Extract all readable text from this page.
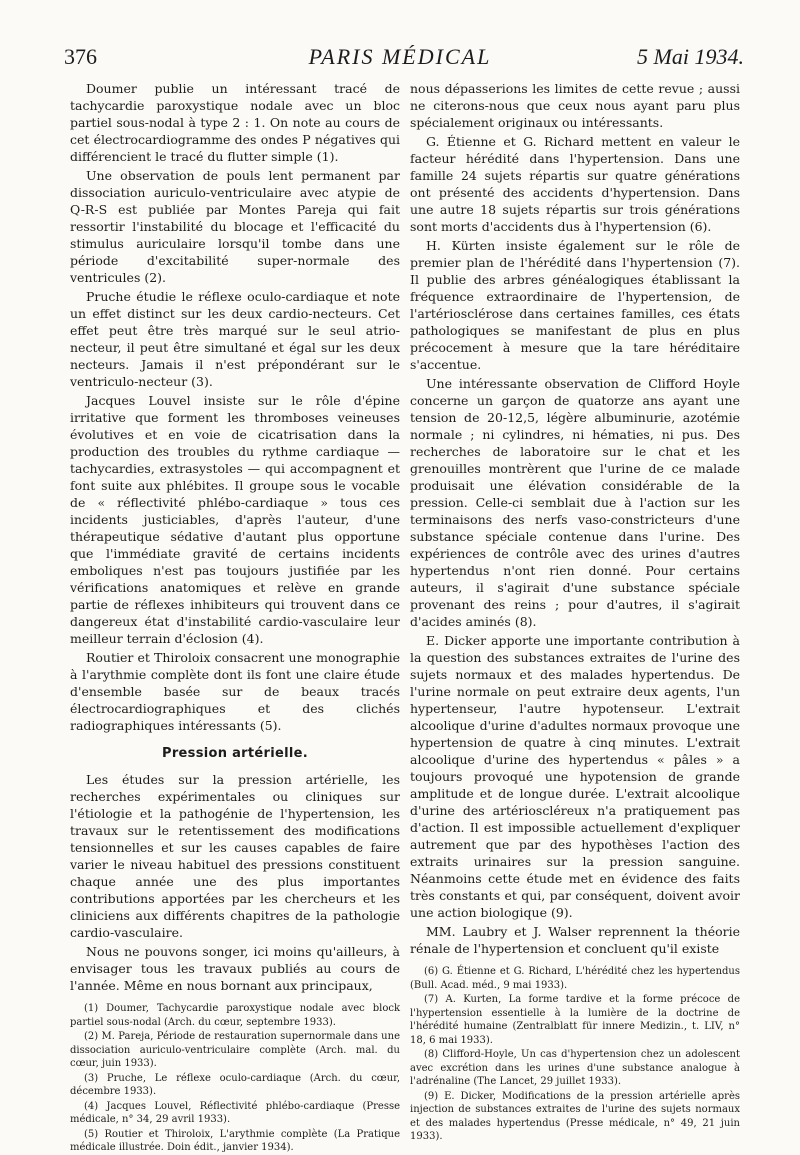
376	PARIS MÉDICAL	5 Mai 1934.

Doumer publie un intéressant tracé de tachycardie paroxystique nodale avec un bloc partiel sous-nodal à type 2 : 1. On note au cours de cet électrocardiogramme des ondes P négatives qui différencient le tracé du flutter simple (1).

Une observation de pouls lent permanent par dissociation auriculo-ventriculaire avec atypie de Q-R-S est publiée par Montes Pareja qui fait ressortir l'instabilité du blocage et l'efficacité du stimulus auriculaire lorsqu'il tombe dans une période d'excitabilité super-normale des ventricules (2).

Pruche étudie le réflexe oculo-cardiaque et note un effet distinct sur les deux cardio-necteurs. Cet effet peut être très marqué sur le seul atrio-necteur, il peut être simultané et égal sur les deux necteurs. Jamais il n'est prépondérant sur le ventriculo-necteur (3).

Jacques Louvel insiste sur le rôle d'épine irritative que forment les thromboses veineuses évolutives et en voie de cicatrisation dans la production des troubles du rythme cardiaque — tachycardies, extrasystoles — qui accompagnent et font suite aux phlébites. Il groupe sous le vocable de « réflectivité phlébo-cardiaque » tous ces incidents justiciables, d'après l'auteur, d'une thérapeutique sédative d'autant plus opportune que l'immédiate gravité de certains incidents emboliques n'est pas toujours justifiée par les vérifications anatomiques et relève en grande partie de réflexes inhibiteurs qui trouvent dans ce dangereux état d'instabilité cardio-vasculaire leur meilleur terrain d'éclosion (4).

Routier et Thiroloix consacrent une monographie à l'arythmie complète dont ils font une claire étude d'ensemble basée sur de beaux tracés électrocardiographiques et des clichés radiographiques intéressants (5).

Pression artérielle.

Les études sur la pression artérielle, les recherches expérimentales ou cliniques sur l'étiologie et la pathogénie de l'hypertension, les travaux sur le retentissement des modifications tensionnelles et sur les causes capables de faire varier le niveau habituel des pressions constituent chaque année une des plus importantes contributions apportées par les chercheurs et les cliniciens aux différents chapitres de la pathologie cardio-vasculaire.

Nous ne pouvons songer, ici moins qu'ailleurs, à envisager tous les travaux publiés au cours de l'année. Même en nous bornant aux principaux,

(1) Doumer, Tachycardie paroxystique nodale avec block partiel sous-nodal (Arch. du cœur, septembre 1933).

(2) M. Pareja, Période de restauration supernormale dans une dissociation auriculo-ventriculaire complète (Arch. mal. du cœur, juin 1933).

(3) Pruche, Le réflexe oculo-cardiaque (Arch. du cœur, décembre 1933).

(4) Jacques Louvel, Réflectivité phlébo-cardiaque (Presse médicale, n° 34, 29 avril 1933).

(5) Routier et Thiroloix, L'arythmie complète (La Pratique médicale illustrée. Doin édit., janvier 1934).

nous dépasserions les limites de cette revue ; aussi ne citerons-nous que ceux nous ayant paru plus spécialement originaux ou intéressants.

G. Étienne et G. Richard mettent en valeur le facteur hérédité dans l'hypertension. Dans une famille 24 sujets répartis sur quatre générations ont présenté des accidents d'hypertension. Dans une autre 18 sujets répartis sur trois générations sont morts d'accidents dus à l'hypertension (6).

H. Kürten insiste également sur le rôle de premier plan de l'hérédité dans l'hypertension (7). Il publie des arbres généalogiques établissant la fréquence extraordinaire de l'hypertension, de l'artériosclérose dans certaines familles, ces états pathologiques se manifestant de plus en plus précocement à mesure que la tare héréditaire s'accentue.

Une intéressante observation de Clifford Hoyle concerne un garçon de quatorze ans ayant une tension de 20-12,5, légère albuminurie, azotémie normale ; ni cylindres, ni hématies, ni pus. Des recherches de laboratoire sur le chat et les grenouilles montrèrent que l'urine de ce malade produisait une élévation considérable de la pression. Celle-ci semblait due à l'action sur les terminaisons des nerfs vaso-constricteurs d'une substance spéciale contenue dans l'urine. Des expériences de contrôle avec des urines d'autres hypertendus n'ont rien donné. Pour certains auteurs, il s'agirait d'une substance spéciale provenant des reins ; pour d'autres, il s'agirait d'acides aminés (8).

E. Dicker apporte une importante contribution à la question des substances extraites de l'urine des sujets normaux et des malades hypertendus. De l'urine normale on peut extraire deux agents, l'un hypertenseur, l'autre hypotenseur. L'extrait alcoolique d'urine d'adultes normaux provoque une hypertension de quatre à cinq minutes. L'extrait alcoolique d'urine des hypertendus « pâles » a toujours provoqué une hypotension de grande amplitude et de longue durée. L'extrait alcoolique d'urine des artérioscléreux n'a pratiquement pas d'action. Il est impossible actuellement d'expliquer autrement que par des hypothèses l'action des extraits urinaires sur la pression sanguine. Néanmoins cette étude met en évidence des faits très constants et qui, par conséquent, doivent avoir une action biologique (9).

MM. Laubry et J. Walser reprennent la théorie rénale de l'hypertension et concluent qu'il existe

(6) G. Étienne et G. Richard, L'hérédité chez les hypertendus (Bull. Acad. méd., 9 mai 1933).

(7) A. Kurten, La forme tardive et la forme précoce de l'hypertension essentielle à la lumière de la doctrine de l'hérédité humaine (Zentralblatt für innere Medizin., t. LIV, n° 18, 6 mai 1933).

(8) Clifford-Hoyle, Un cas d'hypertension chez un adolescent avec excrétion dans les urines d'une substance analogue à l'adrénaline (The Lancet, 29 juillet 1933).

(9) E. Dicker, Modifications de la pression artérielle après injection de substances extraites de l'urine des sujets normaux et des malades hypertendus (Presse médicale, n° 49, 21 juin 1933).
